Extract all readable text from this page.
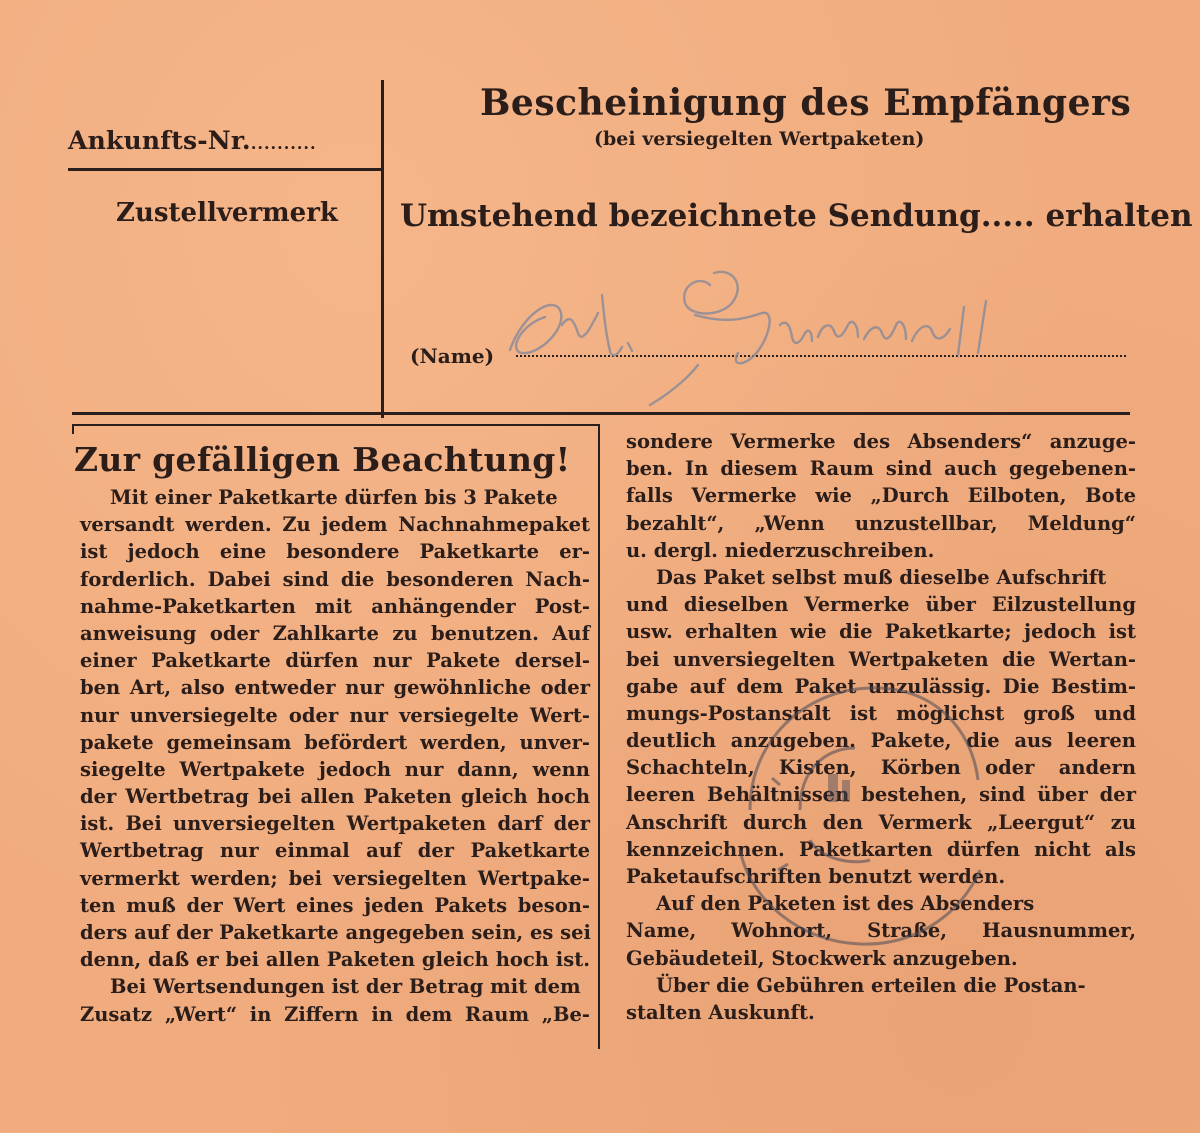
Ankunfts-Nr...........
Zustellvermerk
Bescheinigung des Empfängers
(bei versiegelten Wertpaketen)
Umstehend bezeichnete Sendung..... erhalten
(Name)
Zur gefälligen Beachtung!
Mit einer Paketkarte dürfen bis 3 Pakete
versandt werden. Zu jedem Nachnahmepaket
ist jedoch eine besondere Paketkarte er-
forderlich. Dabei sind die besonderen Nach-
nahme-Paketkarten mit anhängender Post-
anweisung oder Zahlkarte zu benutzen. Auf
einer Paketkarte dürfen nur Pakete dersel-
ben Art, also entweder nur gewöhnliche oder
nur unversiegelte oder nur versiegelte Wert-
pakete gemeinsam befördert werden, unver-
siegelte Wertpakete jedoch nur dann, wenn
der Wertbetrag bei allen Paketen gleich hoch
ist. Bei unversiegelten Wertpaketen darf der
Wertbetrag nur einmal auf der Paketkarte
vermerkt werden; bei versiegelten Wertpake-
ten muß der Wert eines jeden Pakets beson-
ders auf der Paketkarte angegeben sein, es sei
denn, daß er bei allen Paketen gleich hoch ist.
Bei Wertsendungen ist der Betrag mit dem
Zusatz „Wert“ in Ziffern in dem Raum „Be-
sondere Vermerke des Absenders“ anzuge-
ben. In diesem Raum sind auch gegebenen-
falls Vermerke wie „Durch Eilboten, Bote
bezahlt“, „Wenn unzustellbar, Meldung“
u. dergl. niederzuschreiben.
Das Paket selbst muß dieselbe Aufschrift
und dieselben Vermerke über Eilzustellung
usw. erhalten wie die Paketkarte; jedoch ist
bei unversiegelten Wertpaketen die Wertan-
gabe auf dem Paket unzulässig. Die Bestim-
mungs-Postanstalt ist möglichst groß und
deutlich anzugeben. Pakete, die aus leeren
Schachteln, Kisten, Körben oder andern
leeren Behältnissen bestehen, sind über der
Anschrift durch den Vermerk „Leergut“ zu
kennzeichnen. Paketkarten dürfen nicht als
Paketaufschriften benutzt werden.
Auf den Paketen ist des Absenders
Name, Wohnort, Straße, Hausnummer,
Gebäudeteil, Stockwerk anzugeben.
Über die Gebühren erteilen die Postan-
stalten Auskunft.
